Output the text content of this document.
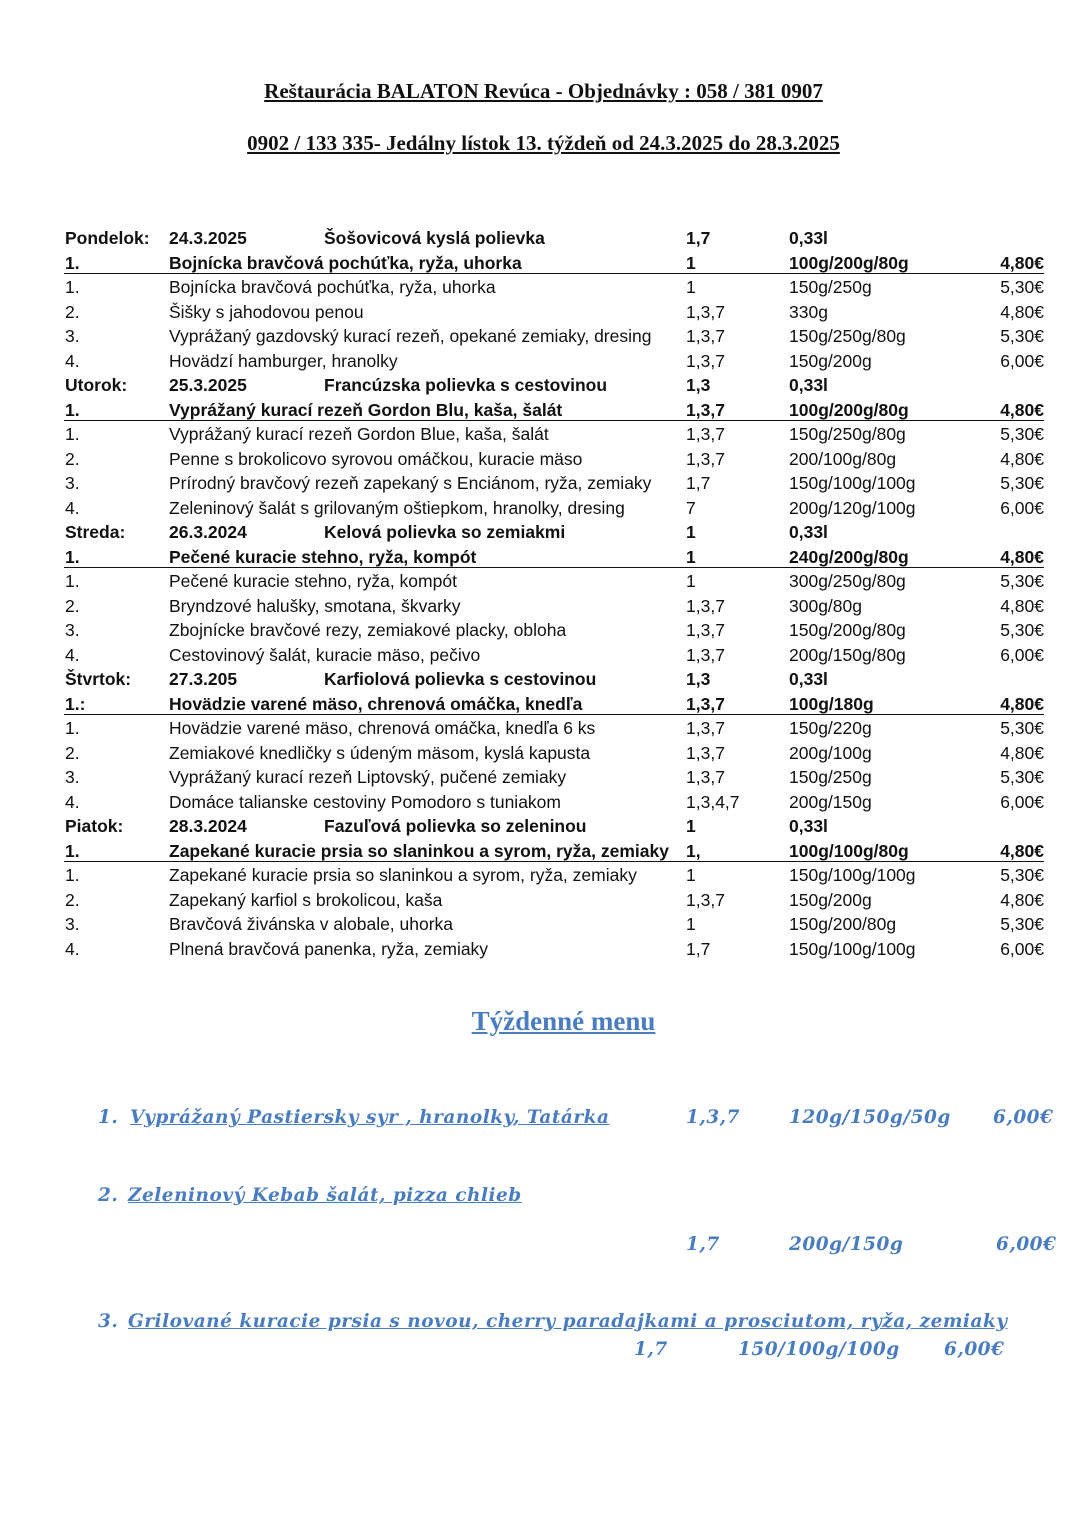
Reštaurácia BALATON Revúca - Objednávky : 058 / 381 0907
0902 / 133 335- Jedálny lístok 13. týždeň od 24.3.2025 do 28.3.2025
Pondelok: 24.3.2025	Šošovicová kyslá polievka	1,7	0,33l
1.	Bojnícka bravčová pochúťka, ryža, uhorka	1	100g/200g/80g	4,80€
1.	Bojnícka bravčová pochúťka, ryža, uhorka	1	150g/250g	5,30€
2.	Šišky s jahodovou penou	1,3,7	330g	4,80€
3.	Vyprážaný gazdovský kurací rezeň, opekané zemiaky, dresing 1,3,7	150g/250g/80g	5,30€
4.	Hovädzí hamburger, hranolky	1,3,7	150g/200g	6,00€
Utorok: 25.3.2025	Francúzska polievka s cestovinou	1,3	0,33l
1.	Vyprážaný kurací rezeň Gordon Blu, kaša, šalát	1,3,7	100g/200g/80g	4,80€
1.	Vyprážaný kurací rezeň Gordon Blue, kaša, šalát	1,3,7	150g/250g/80g	5,30€
2.	Penne s brokolicovo syrovou omáčkou, kuracie mäso	1,3,7	200/100g/80g	4,80€
3.	Prírodný bravčový rezeň zapekaný s Enciánom, ryža, zemiaky 1,7	150g/100g/100g	5,30€
4.	Zeleninový šalát s grilovaným oštiepkom, hranolky, dresing	7	200g/120g/100g	6,00€
Streda: 26.3.2024	Kelová polievka so zemiakmi	1	0,33l
1.	Pečené kuracie stehno, ryža, kompót	1	240g/200g/80g	4,80€
1.	Pečené kuracie stehno, ryža, kompót	1	300g/250g/80g	5,30€
2.	Bryndzové halušky, smotana, škvarky	1,3,7	300g/80g	4,80€
3.	Zbojnícke bravčové rezy, zemiakové placky, obloha	1,3,7	150g/200g/80g	5,30€
4.	Cestovinový šalát, kuracie mäso, pečivo	1,3,7	200g/150g/80g	6,00€
Štvrtok: 27.3.205	Karfiolová polievka s cestovinou	1,3	0,33l
1.:	Hovädzie varené mäso, chrenová omáčka, knedľa	1,3,7	100g/180g	4,80€
1.	Hovädzie varené mäso, chrenová omáčka, knedľa 6 ks	1,3,7	150g/220g	5,30€
2.	Zemiakové knedličky s údeným mäsom, kyslá kapusta	1,3,7	200g/100g	4,80€
3.	Vyprážaný kurací rezeň Liptovský, pučené zemiaky	1,3,7	150g/250g	5,30€
4.	Domáce talianske cestoviny Pomodoro s tuniakom	1,3,4,7	200g/150g	6,00€
Piatok:	28.3.2024	Fazuľová polievka so zeleninou	1	0,33l
1.	Zapekané kuracie prsia so slaninkou a syrom, ryža, zemiaky 1,	100g/100g/80g	4,80€
1.	Zapekané kuracie prsia so slaninkou a syrom, ryža, zemiaky	1	150g/100g/100g	5,30€
2.	Zapekaný karfiol s brokolicou, kaša	1,3,7	150g/200g	4,80€
3.	Bravčová živánska v alobale, uhorka	1	150g/200/80g	5,30€
4.	Plnená bravčová panenka, ryža, zemiaky	1,7	150g/100g/100g	6,00€
Týždenné menu
1. Vyprážaný Pastiersky syr , hranolky, Tatárka	1,3,7	120g/150g/50g 6,00€
2. Zeleninový Kebab šalát, pizza chlieb
1,7	200g/150g	6,00€
3. Grilované kuracie prsia s novou, cherry paradajkami a prosciutom, ryža, zemiaky
1,7	150/100g/100g 6,00€
